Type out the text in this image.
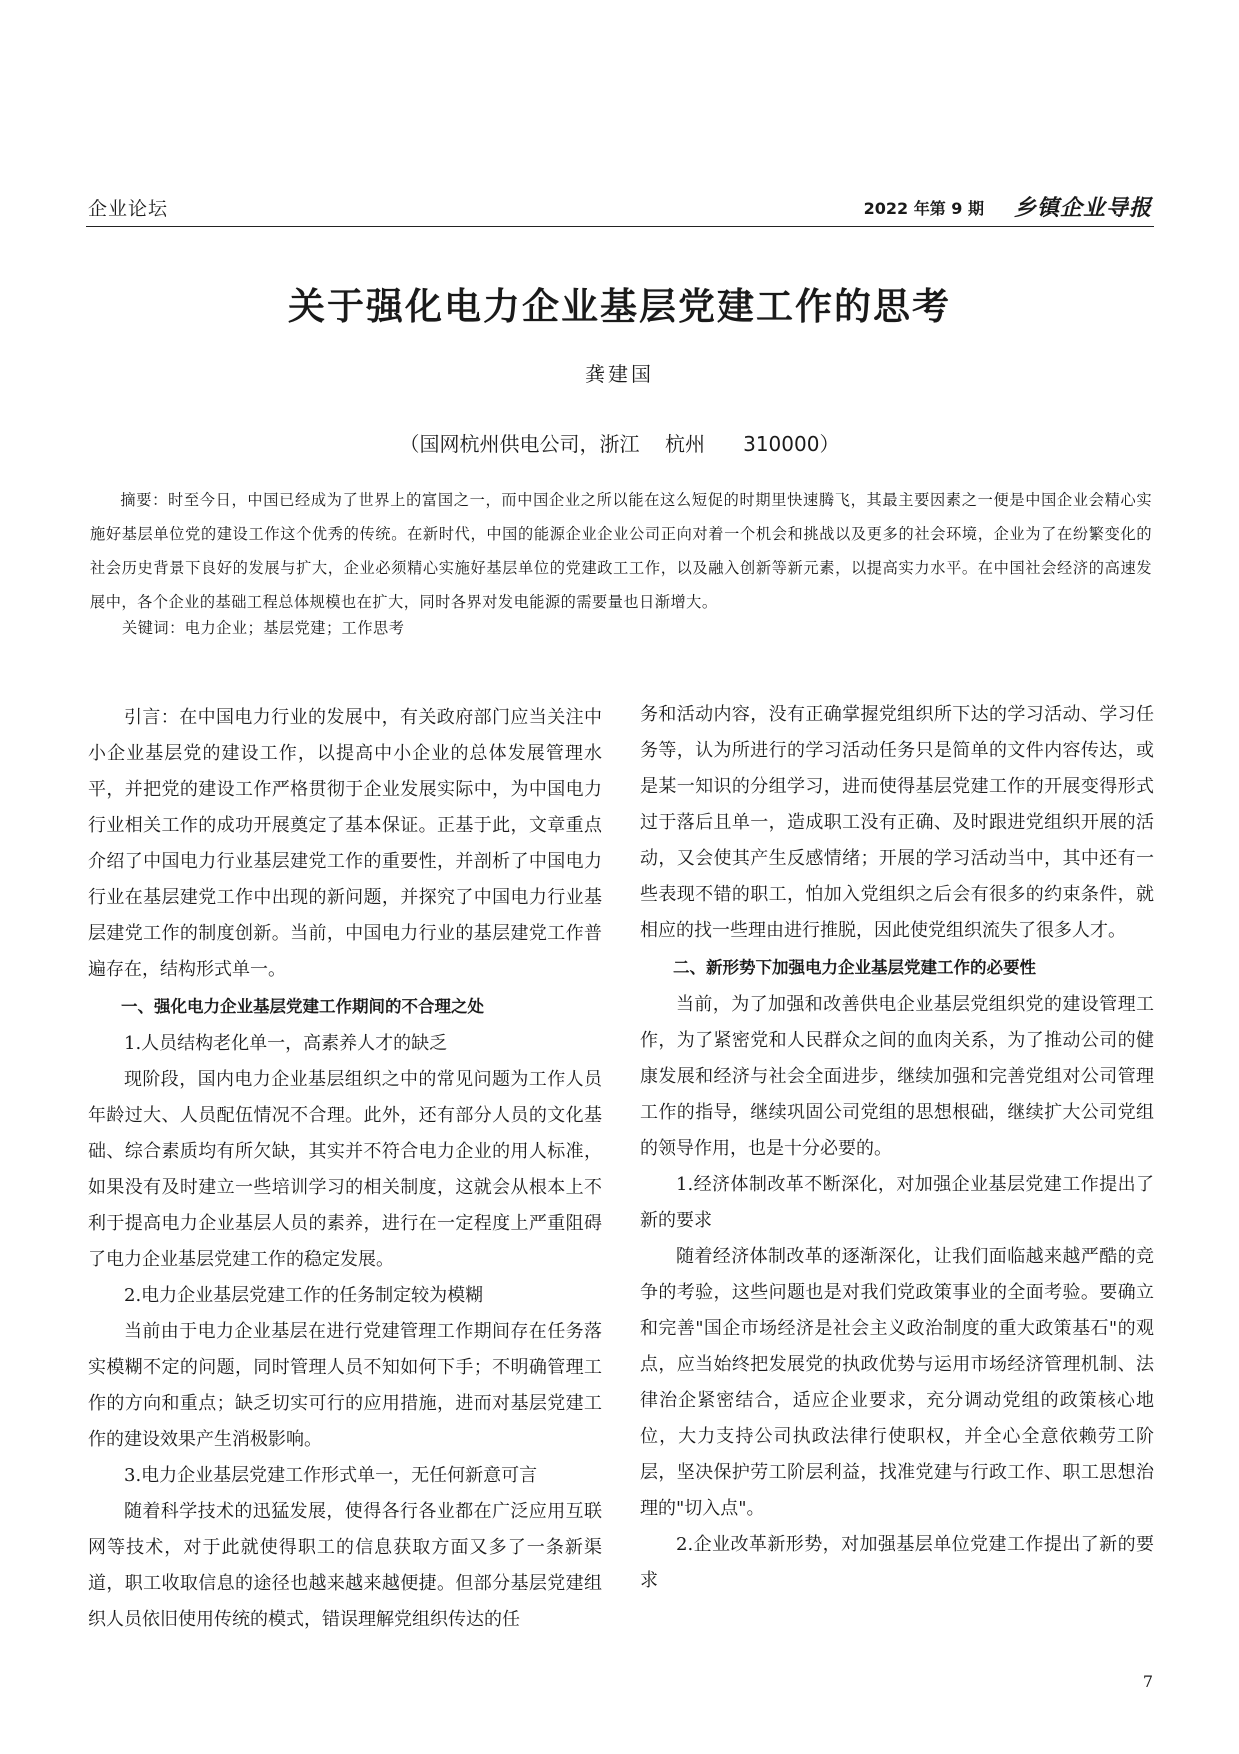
企业论坛	2022 年第 9 期 乡镇企业导报
关于强化电力企业基层党建工作的思考
龚建国
（国网杭州供电公司，浙江    杭州      310000）
摘要：时至今日，中国已经成为了世界上的富国之一，而中国企业之所以能在这么短促的时期里快速腾飞，其最主要因素之一便是中国企业会精心实施好基层单位党的建设工作这个优秀的传统。在新时代，中国的能源企业企业公司正向对着一个机会和挑战以及更多的社会环境，企业为了在纷繁变化的社会历史背景下良好的发展与扩大，企业必须精心实施好基层单位的党建政工工作，以及融入创新等新元素，以提高实力水平。在中国社会经济的高速发展中，各个企业的基础工程总体规模也在扩大，同时各界对发电能源的需要量也日渐增大。
关键词：电力企业；基层党建；工作思考

引言：在中国电力行业的发展中，有关政府部门应当关注中小企业基层党的建设工作，以提高中小企业的总体发展管理水平，并把党的建设工作严格贯彻于企业发展实际中，为中国电力行业相关工作的成功开展奠定了基本保证。正基于此，文章重点介绍了中国电力行业基层建党工作的重要性，并剖析了中国电力行业在基层建党工作中出现的新问题，并探究了中国电力行业基层建党工作的制度创新。当前，中国电力行业的基层建党工作普遍存在，结构形式单一。

一、强化电力企业基层党建工作期间的不合理之处

1.人员结构老化单一，高素养人才的缺乏

现阶段，国内电力企业基层组织之中的常见问题为工作人员年龄过大、人员配伍情况不合理。此外，还有部分人员的文化基础、综合素质均有所欠缺，其实并不符合电力企业的用人标准，如果没有及时建立一些培训学习的相关制度，这就会从根本上不利于提高电力企业基层人员的素养，进行在一定程度上严重阻碍了电力企业基层党建工作的稳定发展。

2.电力企业基层党建工作的任务制定较为模糊

当前由于电力企业基层在进行党建管理工作期间存在任务落实模糊不定的问题，同时管理人员不知如何下手；不明确管理工作的方向和重点；缺乏切实可行的应用措施，进而对基层党建工作的建设效果产生消极影响。

3.电力企业基层党建工作形式单一，无任何新意可言

随着科学技术的迅猛发展，使得各行各业都在广泛应用互联网等技术，对于此就使得职工的信息获取方面又多了一条新渠道，职工收取信息的途径也越来越来越便捷。但部分基层党建组织人员依旧使用传统的模式，错误理解党组织传达的任

务和活动内容，没有正确掌握党组织所下达的学习活动、学习任务等，认为所进行的学习活动任务只是简单的文件内容传达，或是某一知识的分组学习，进而使得基层党建工作的开展变得形式过于落后且单一，造成职工没有正确、及时跟进党组织开展的活动，又会使其产生反感情绪；开展的学习活动当中，其中还有一些表现不错的职工，怕加入党组织之后会有很多的约束条件，就相应的找一些理由进行推脱，因此使党组织流失了很多人才。

二、新形势下加强电力企业基层党建工作的必要性

当前，为了加强和改善供电企业基层党组织党的建设管理工作，为了紧密党和人民群众之间的血肉关系，为了推动公司的健康发展和经济与社会全面进步，继续加强和完善党组对公司管理工作的指导，继续巩固公司党组的思想根础，继续扩大公司党组的领导作用，也是十分必要的。

1.经济体制改革不断深化，对加强企业基层党建工作提出了新的要求

随着经济体制改革的逐渐深化，让我们面临越来越严酷的竞争的考验，这些问题也是对我们党政策事业的全面考验。要确立和完善"国企市场经济是社会主义政治制度的重大政策基石"的观点，应当始终把发展党的执政优势与运用市场经济管理机制、法律治企紧密结合，适应企业要求，充分调动党组的政策核心地位，大力支持公司执政法律行使职权，并全心全意依赖劳工阶层，坚决保护劳工阶层利益，找准党建与行政工作、职工思想治理的"切入点"。

2.企业改革新形势，对加强基层单位党建工作提出了新的要求

7
